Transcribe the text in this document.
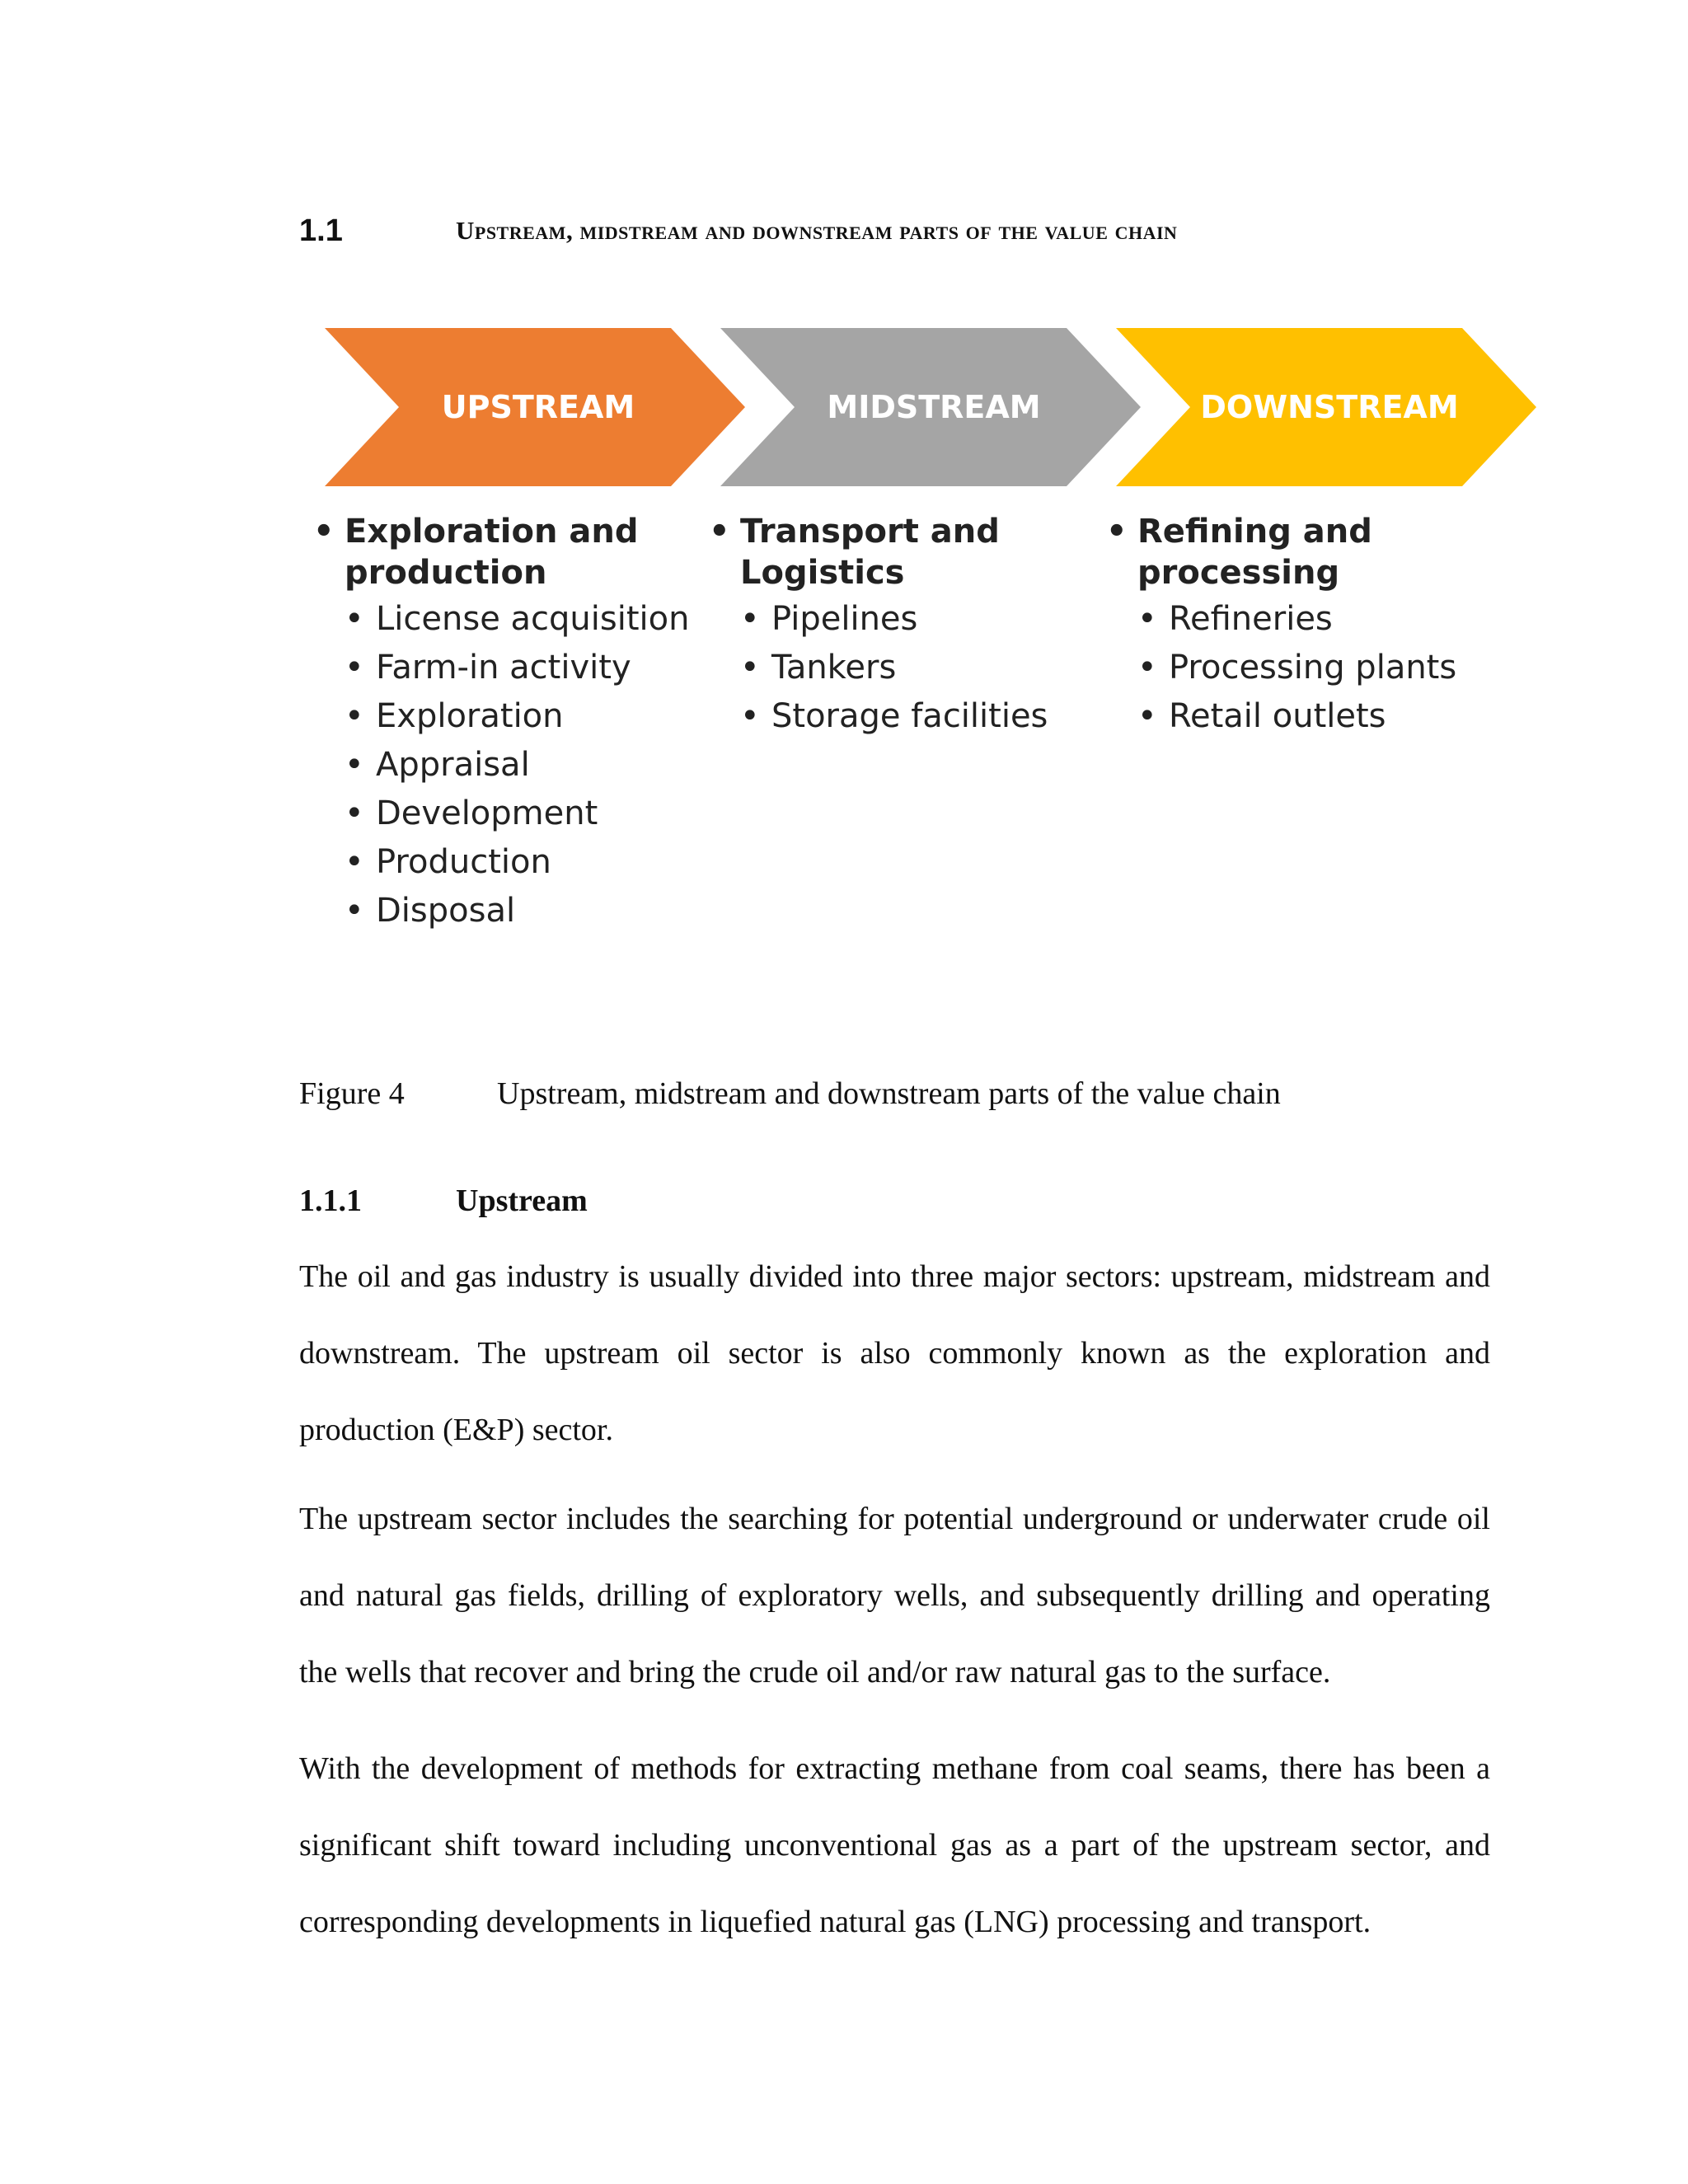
1.1	Upstream, midstream and downstream parts of the value chain
UPSTREAM	MIDSTREAM	DOWNSTREAM
• Exploration and production
• License acquisition
• Farm-in activity
• Exploration
• Appraisal
• Development
• Production
• Disposal
• Transport and Logistics
• Pipelines
• Tankers
• Storage facilities
• Refining and processing
• Refineries
• Processing plants
• Retail outlets
Figure 4	Upstream, midstream and downstream parts of the value chain
1.1.1	Upstream

The oil and gas industry is usually divided into three major sectors: upstream, midstream and downstream. The upstream oil sector is also commonly known as the exploration and production (E&P) sector.

The upstream sector includes the searching for potential underground or underwater crude oil and natural gas fields, drilling of exploratory wells, and subsequently drilling and operating the wells that recover and bring the crude oil and/or raw natural gas to the surface.

With the development of methods for extracting methane from coal seams, there has been a significant shift toward including unconventional gas as a part of the upstream sector, and corresponding developments in liquefied natural gas (LNG) processing and transport.
